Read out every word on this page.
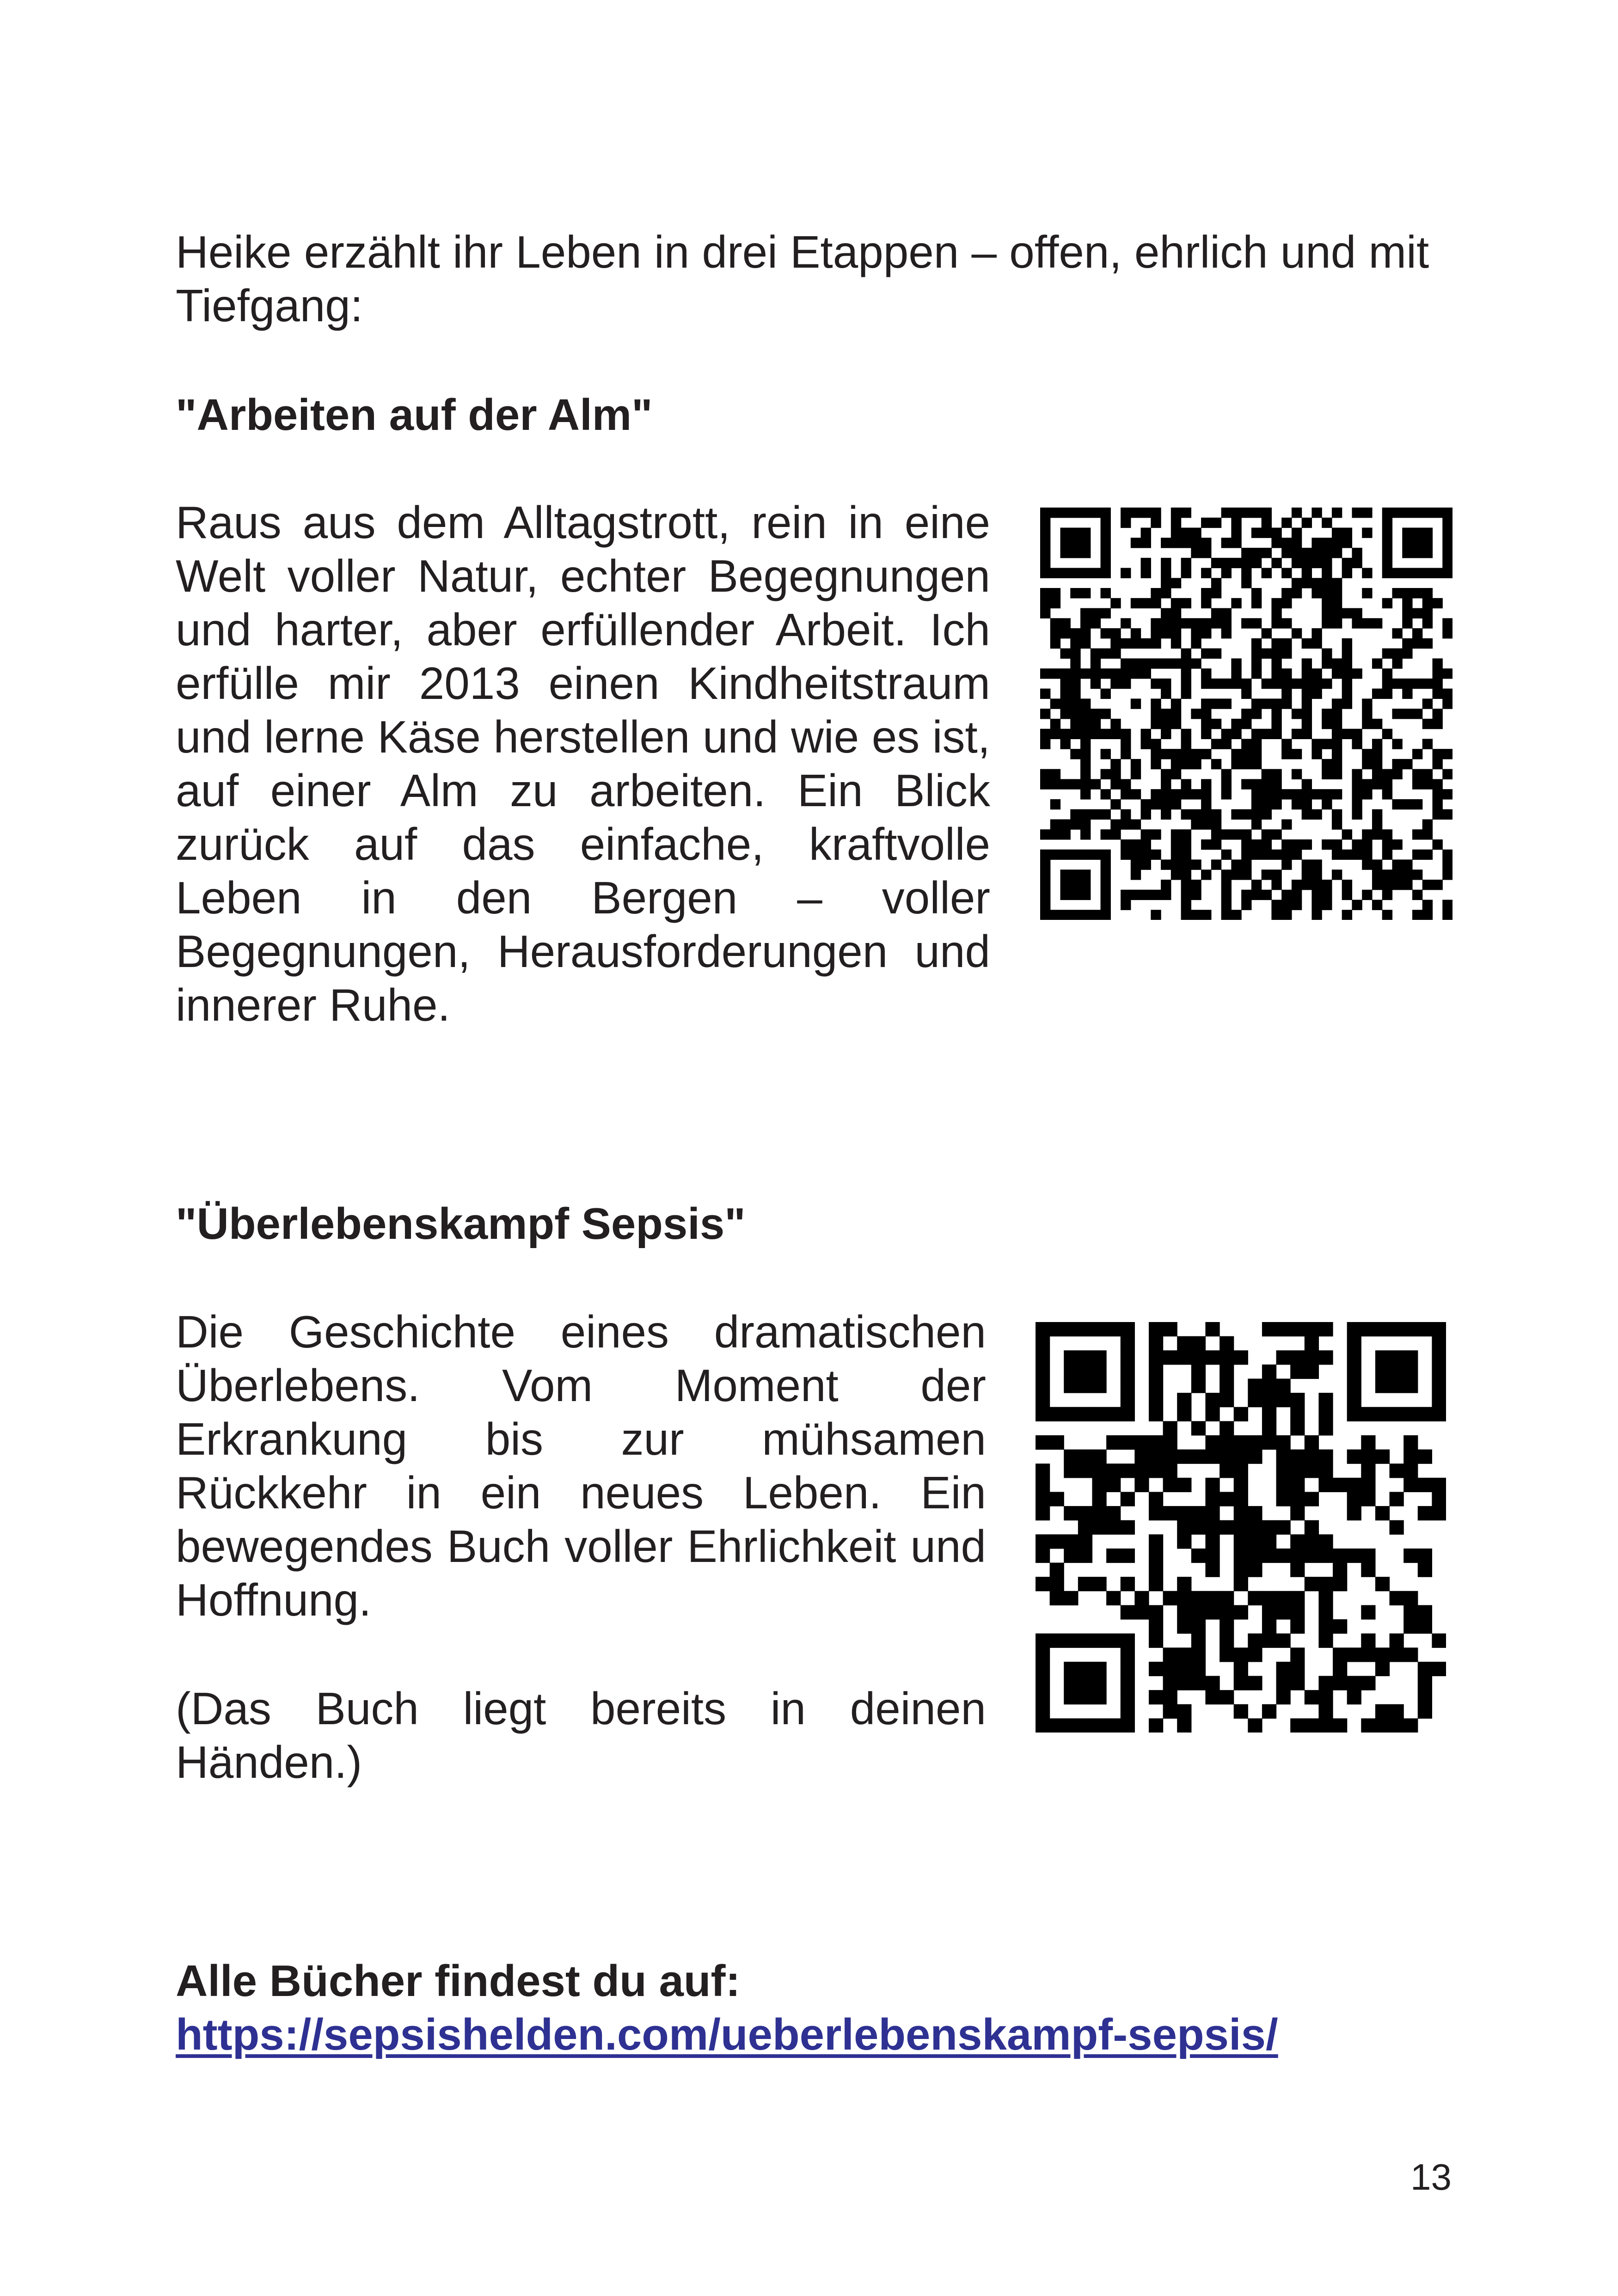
Heike erzählt ihr Leben in drei Etappen – offen, ehrlich und mit Tiefgang:
"Arbeiten auf der Alm"
Raus aus dem Alltagstrott, rein in eine Welt voller Natur, echter Begegnungen und harter, aber erfüllender Arbeit. Ich erfülle mir 2013 einen Kindheitstraum und lerne Käse herstellen und wie es ist, auf einer Alm zu arbeiten. Ein Blick zurück auf das einfache, kraftvolle Leben in den Bergen – voller Begegnungen, Herausforderungen und innerer Ruhe.
"Überlebenskampf Sepsis"
Die Geschichte eines dramatischen Überlebens. Vom Moment der Erkrankung bis zur mühsamen Rückkehr in ein neues Leben. Ein bewegendes Buch voller Ehrlichkeit und Hoffnung.
(Das Buch liegt bereits in deinen Händen.)
Alle Bücher findest du auf:
https://sepsishelden.com/ueberlebenskampf-sepsis/
13
